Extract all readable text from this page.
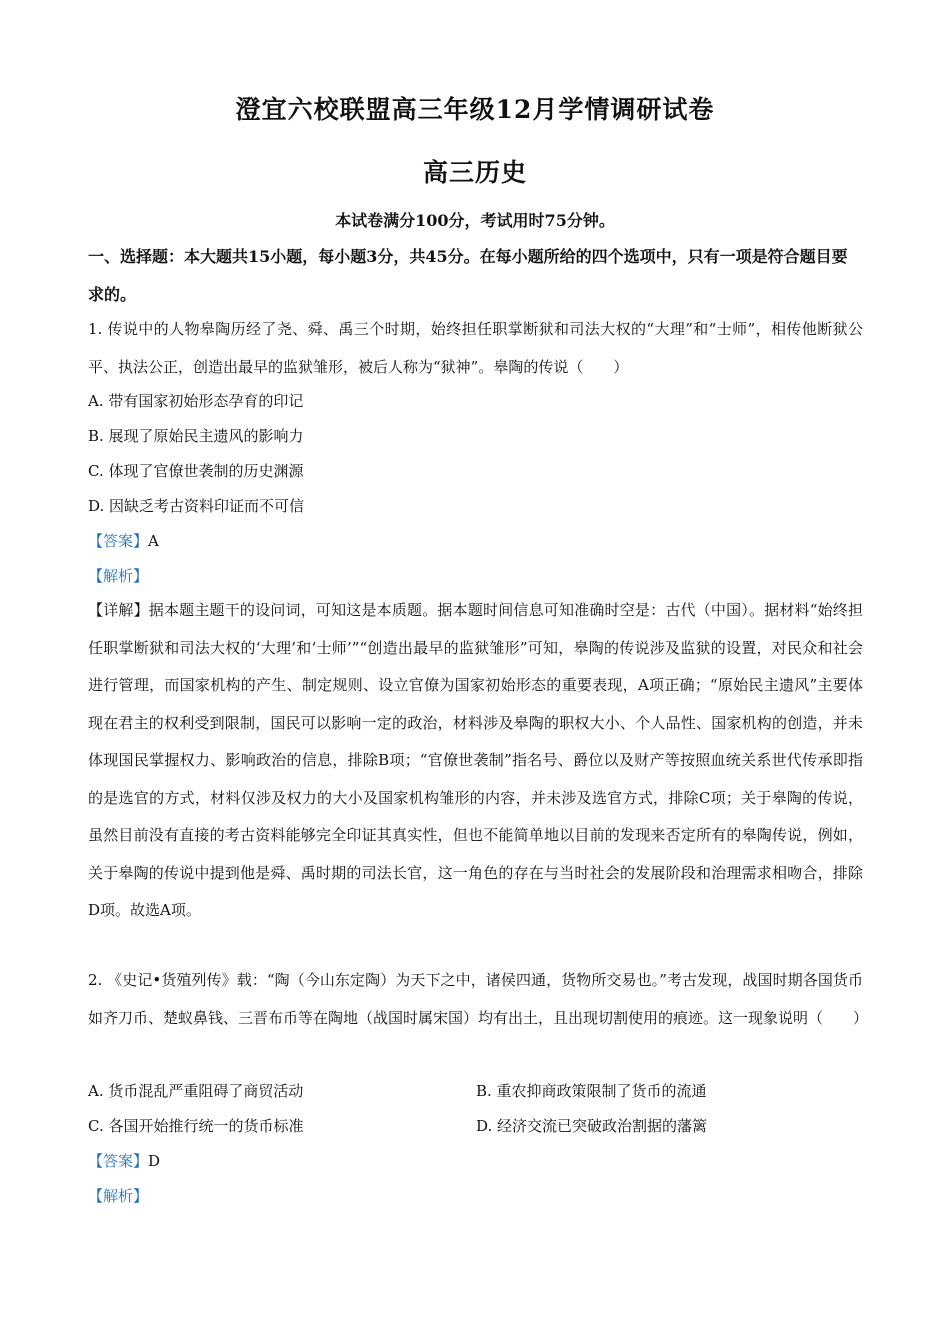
澄宜六校联盟高三年级12月学情调研试卷
高三历史
本试卷满分100分，考试用时75分钟。
一、选择题：本大题共15小题，每小题3分，共45分。在每小题所给的四个选项中，只有一项是符合题目要求的。
1. 传说中的人物皋陶历经了尧、舜、禹三个时期，始终担任职掌断狱和司法大权的“大理”和“士师”，相传他断狱公平、执法公正，创造出最早的监狱雏形，被后人称为“狱神”。皋陶的传说（　　）
A. 带有国家初始形态孕育的印记
B. 展现了原始民主遗风的影响力
C. 体现了官僚世袭制的历史渊源
D. 因缺乏考古资料印证而不可信
【答案】A
【解析】
【详解】据本题主题干的设问词，可知这是本质题。据本题时间信息可知准确时空是：古代（中国）。据材料“始终担任职掌断狱和司法大权的‘大理’和‘士师’”“创造出最早的监狱雏形”可知，皋陶的传说涉及监狱的设置，对民众和社会进行管理，而国家机构的产生、制定规则、设立官僚为国家初始形态的重要表现，A项正确；“原始民主遗风”主要体现在君主的权利受到限制，国民可以影响一定的政治，材料涉及皋陶的职权大小、个人品性、国家机构的创造，并未体现国民掌握权力、影响政治的信息，排除B项；“官僚世袭制”指名号、爵位以及财产等按照血统关系世代传承即指的是选官的方式，材料仅涉及权力的大小及国家机构雏形的内容，并未涉及选官方式，排除C项；关于皋陶的传说，虽然目前没有直接的考古资料能够完全印证其真实性，但也不能简单地以目前的发现来否定所有的皋陶传说，例如，关于皋陶的传说中提到他是舜、禹时期的司法长官，这一角色的存在与当时社会的发展阶段和治理需求相吻合，排除D项。故选A项。
2. 《史记•货殖列传》载：“陶（今山东定陶）为天下之中，诸侯四通，货物所交易也。”考古发现，战国时期各国货币如齐刀币、楚蚁鼻钱、三晋布币等在陶地（战国时属宋国）均有出土，且出现切割使用的痕迹。这一现象说明（　　）
A. 货币混乱严重阻碍了商贸活动	B. 重农抑商政策限制了货币的流通
C. 各国开始推行统一的货币标准	D. 经济交流已突破政治割据的藩篱
【答案】D
【解析】
